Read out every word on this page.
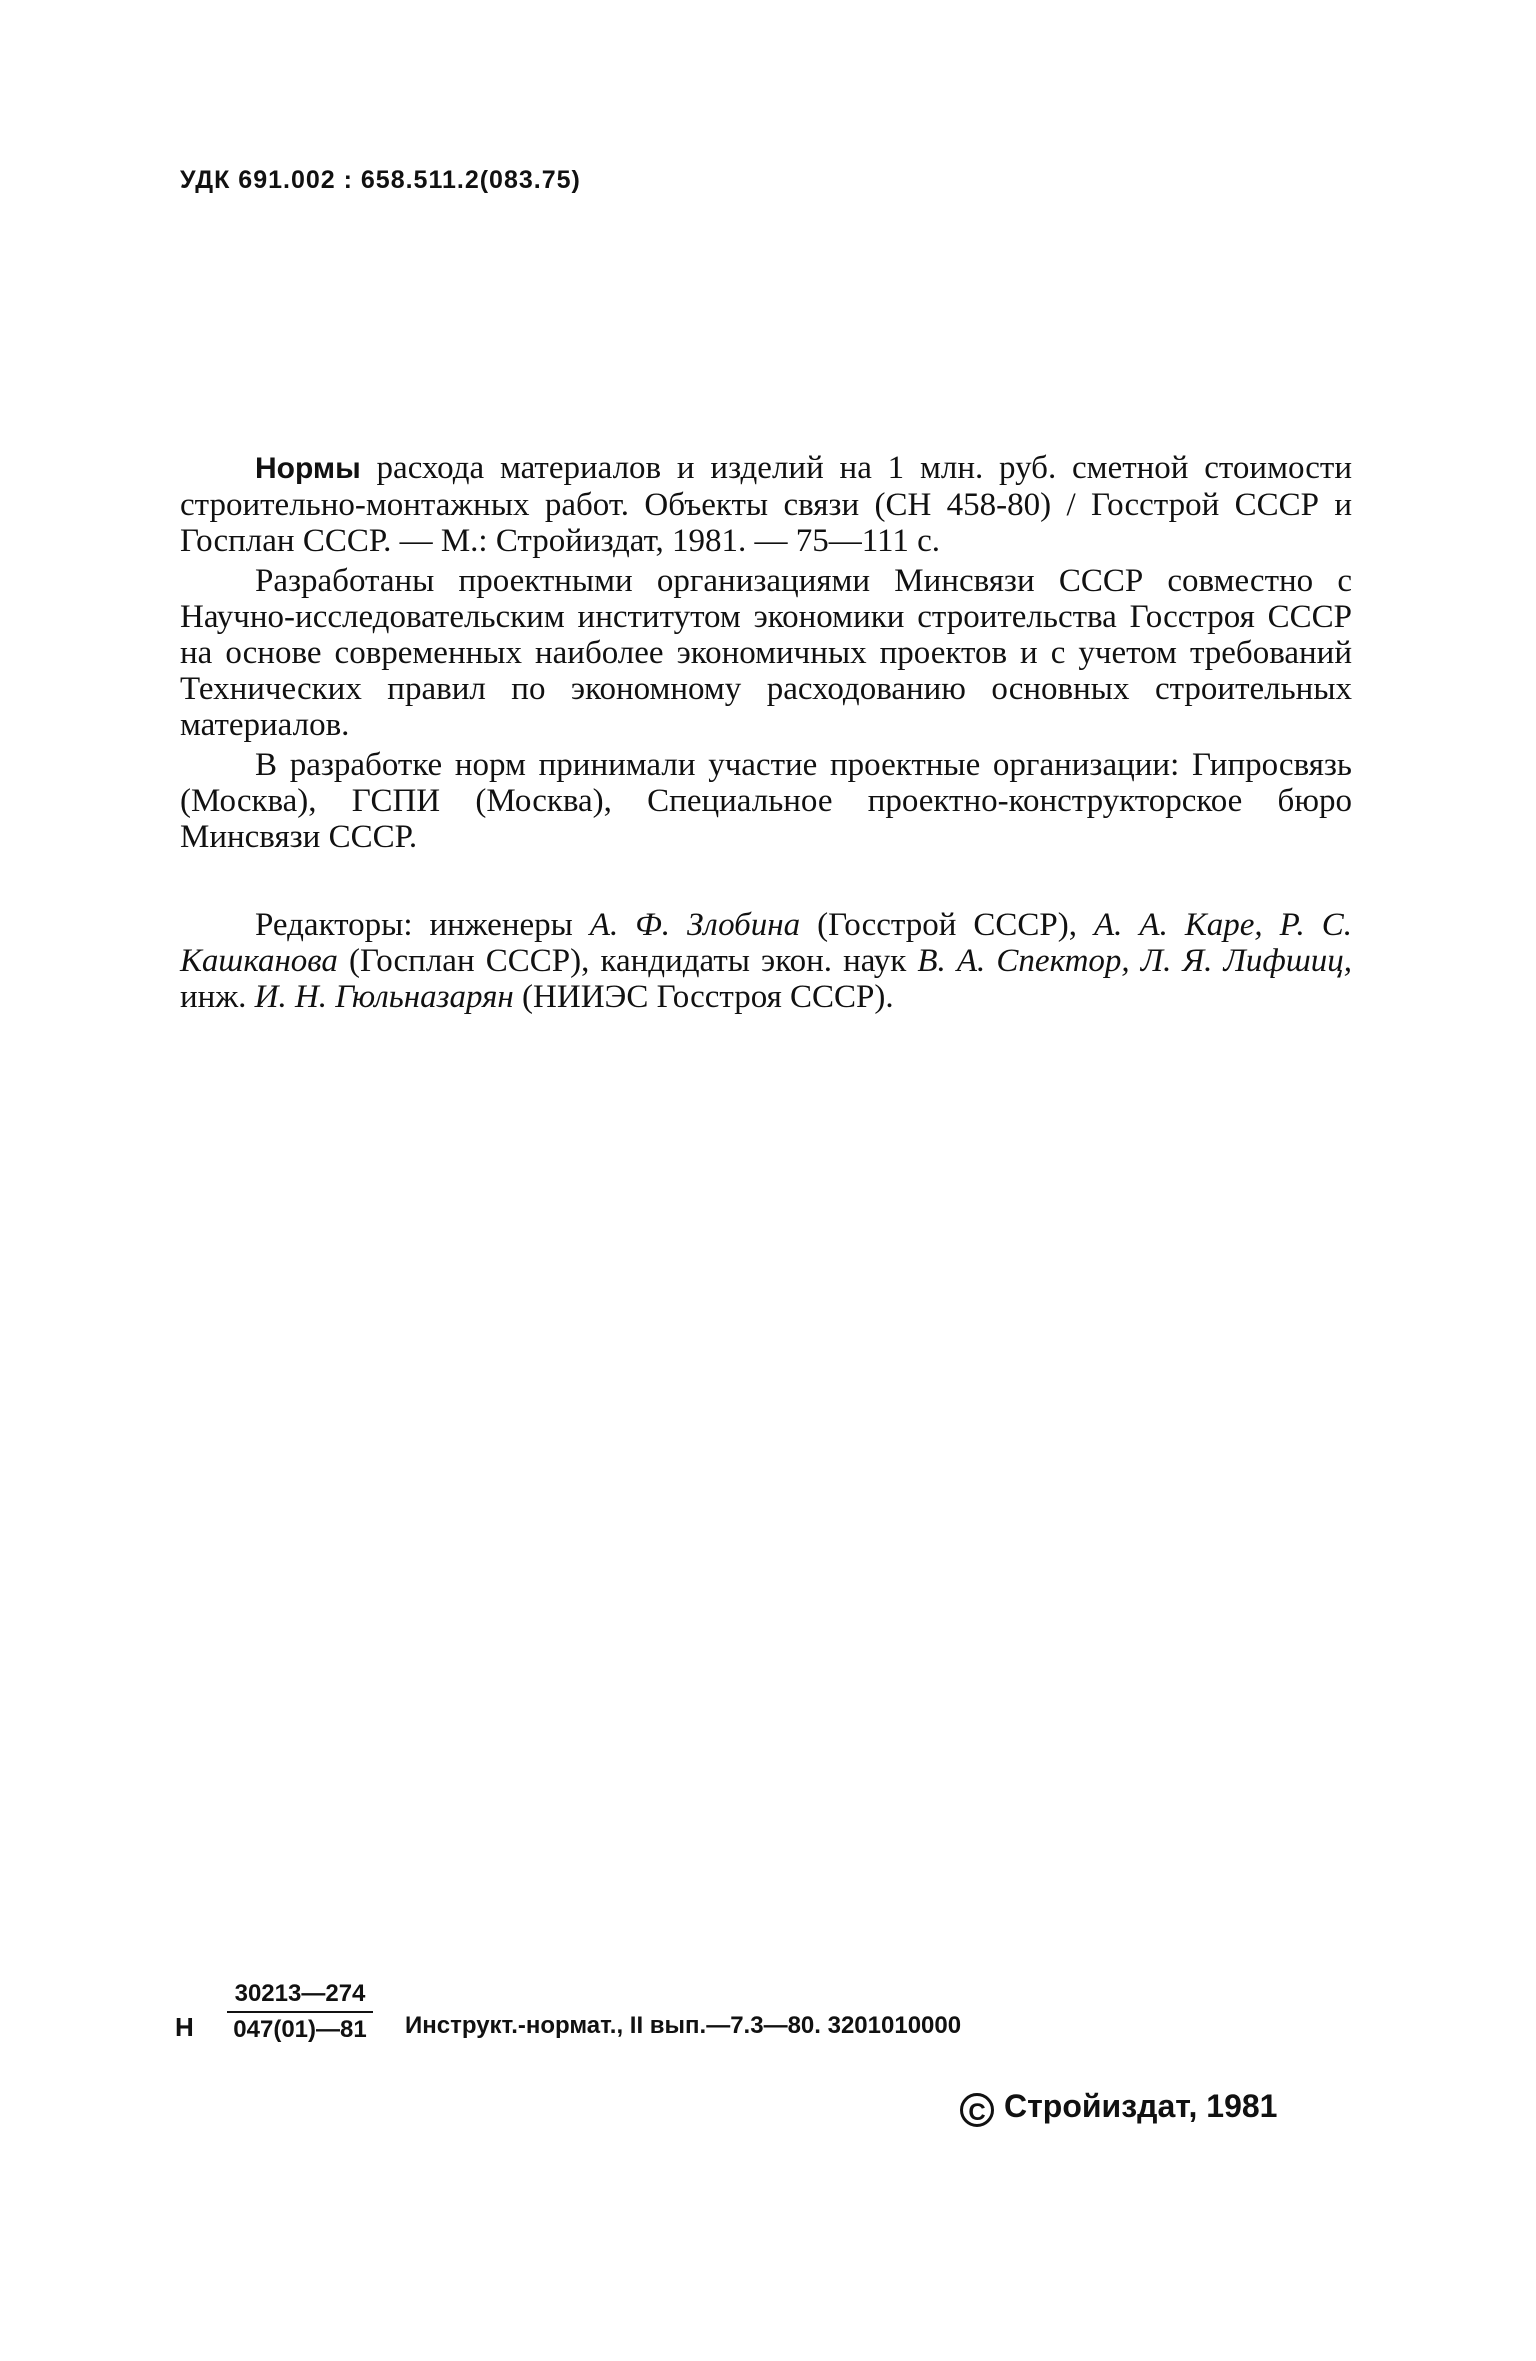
УДК 691.002 : 658.511.2(083.75)

Нормы расхода материалов и изделий на 1 млн. руб. сметной стоимости строительно-монтажных работ. Объекты связи (СН 458-80) / Госстрой СССР и Госплан СССР. — М.: Стройиздат, 1981. — 75—111 с.

Разработаны проектными организациями Минсвязи СССР совместно с Научно-исследовательским институтом экономики строительства Госстроя СССР на основе современных наиболее экономичных проектов и с учетом требований Технических правил по экономному расходованию основных строительных материалов.

В разработке норм принимали участие проектные организации: Гипросвязь (Москва), ГСПИ (Москва), Специальное проектно-конструкторское бюро Минсвязи СССР.

Редакторы: инженеры А. Ф. Злобина (Госстрой СССР), А. А. Каре, Р. С. Кашканова (Госплан СССР), кандидаты экон. наук В. А. Спектор, Л. Я. Лифшиц, инж. И. Н. Гюльназарян (НИИЭС Госстроя СССР).

Н
30213—274
047(01)—81	Инструкт.-нормат., II вып.—7.3—80. 3201010000
C Стройиздат, 1981
